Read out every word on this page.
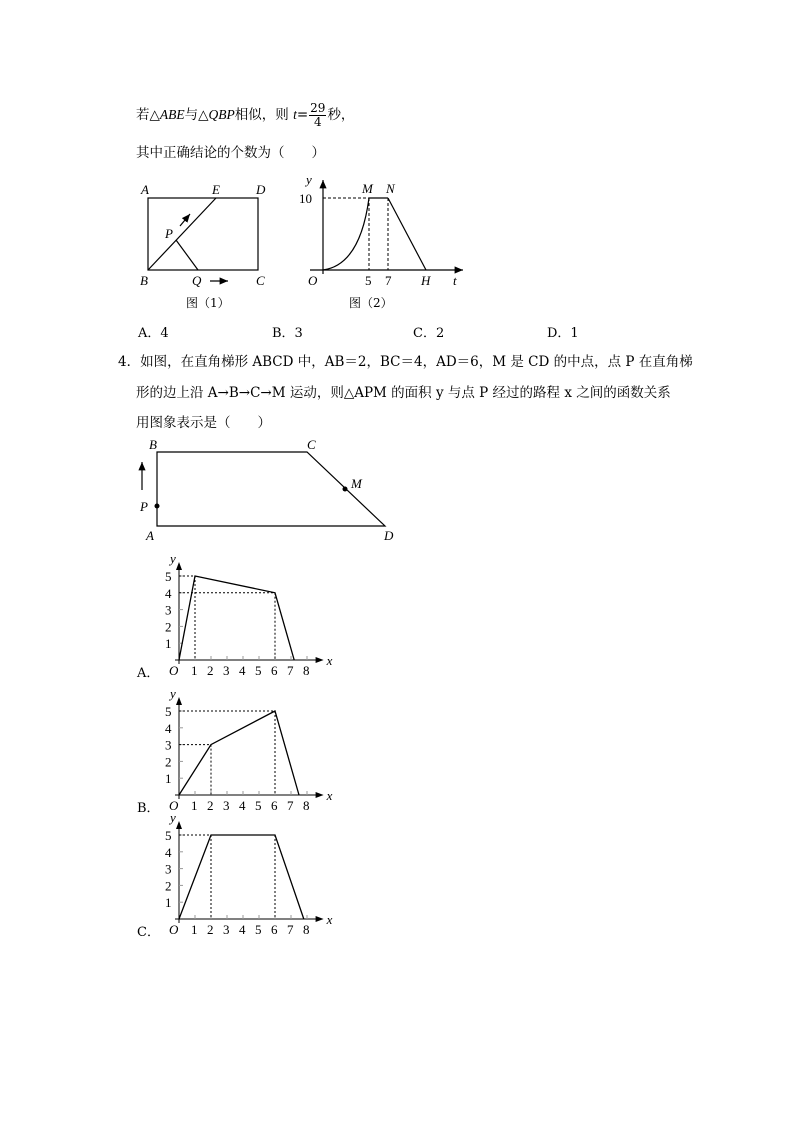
若△ABE与△QBP相似，则 $t= \frac{29}{4}$ 秒，
其中正确结论的个数为（　　）
A	E	D
P
B	Q	C
图（1）
y
M N
10
O	5 7 H t
图（2）
A．4	B．3	C．2	D．1
4．如图，在直角梯形 ABCD 中，AB＝2，BC＝4，AD＝6，M 是 CD 的中点，点 P 在直角梯
形的边上沿 A→B→C→M 运动，则△APM 的面积 y 与点 P 经过的路程 x 之间的函数关系
用图象表示是（　　）
B	C
M
P
A	D
1 2 3 4 5 6 7 8
1
2
3
4
5
O
y
x
A．
1 2 3 4 5 6 7 8
1
2
3
4
5
O
y
x
B．
1 2 3 4 5 6 7 8
1
2
3
4
5
O
y
x
C．
